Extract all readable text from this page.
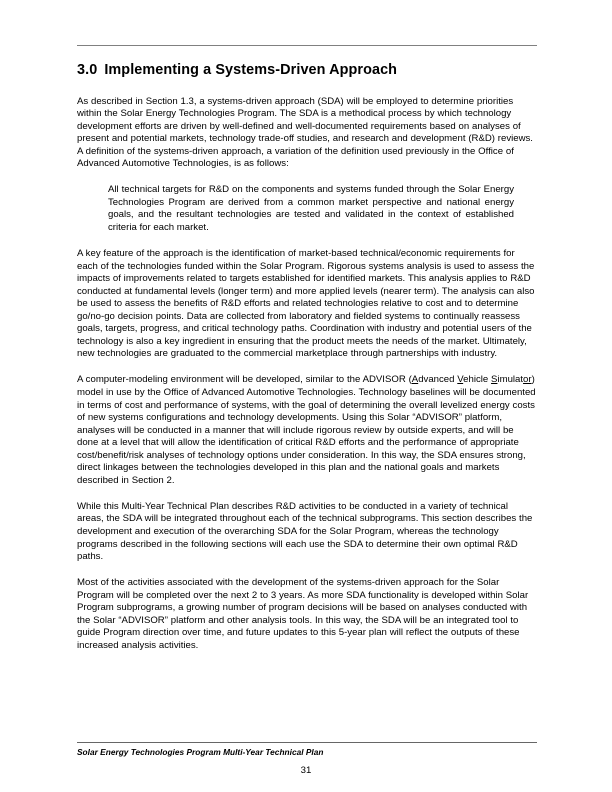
3.0 Implementing a Systems-Driven Approach

As described in Section 1.3, a systems-driven approach (SDA) will be employed to determine priorities within the Solar Energy Technologies Program. The SDA is a methodical process by which technology development efforts are driven by well-defined and well-documented requirements based on analyses of present and potential markets, technology trade-off studies, and research and development (R&D) reviews. A definition of the systems-driven approach, a variation of the definition used previously in the Office of Advanced Automotive Technologies, is as follows:

All technical targets for R&D on the components and systems funded through the Solar Energy Technologies Program are derived from a common market perspective and national energy goals, and the resultant technologies are tested and validated in the context of established criteria for each market.

A key feature of the approach is the identification of market-based technical/economic requirements for each of the technologies funded within the Solar Program. Rigorous systems analysis is used to assess the impacts of improvements related to targets established for identified markets. This analysis applies to R&D conducted at fundamental levels (longer term) and more applied levels (nearer term). The analysis can also be used to assess the benefits of R&D efforts and related technologies relative to cost and to determine go/no-go decision points. Data are collected from laboratory and fielded systems to continually reassess goals, targets, progress, and critical technology paths. Coordination with industry and potential users of the technology is also a key ingredient in ensuring that the product meets the needs of the market. Ultimately, new technologies are graduated to the commercial marketplace through partnerships with industry.

A computer-modeling environment will be developed, similar to the ADVISOR (Advanced Vehicle Simulator) model in use by the Office of Advanced Automotive Technologies. Technology baselines will be documented in terms of cost and performance of systems, with the goal of determining the overall levelized energy costs of new systems configurations and technology developments. Using this Solar “ADVISOR” platform, analyses will be conducted in a manner that will include rigorous review by outside experts, and will be done at a level that will allow the identification of critical R&D efforts and the performance of appropriate cost/benefit/risk analyses of technology options under consideration. In this way, the SDA ensures strong, direct linkages between the technologies developed in this plan and the national goals and markets described in Section 2.

While this Multi-Year Technical Plan describes R&D activities to be conducted in a variety of technical areas, the SDA will be integrated throughout each of the technical subprograms. This section describes the development and execution of the overarching SDA for the Solar Program, whereas the technology programs described in the following sections will each use the SDA to determine their own optimal R&D paths.

Most of the activities associated with the development of the systems-driven approach for the Solar Program will be completed over the next 2 to 3 years. As more SDA functionality is developed within Solar Program subprograms, a growing number of program decisions will be based on analyses conducted with the Solar “ADVISOR” platform and other analysis tools. In this way, the SDA will be an integrated tool to guide Program direction over time, and future updates to this 5-year plan will reflect the outputs of these increased analysis activities.

Solar Energy Technologies Program Multi-Year Technical Plan
31
